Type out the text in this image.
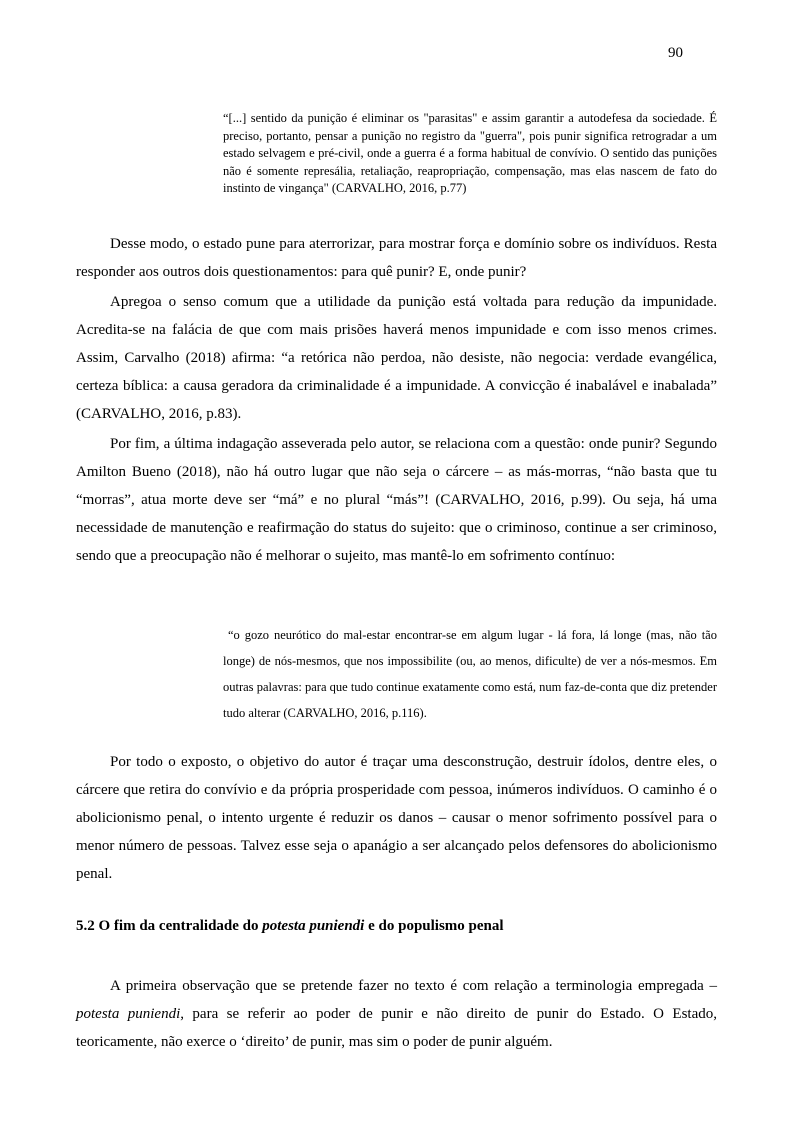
90
“[...] sentido da punição é eliminar os "parasitas" e assim garantir a autodefesa da sociedade. É preciso, portanto, pensar a punição no registro da "guerra", pois punir significa retrogradar a um estado selvagem e pré-civil, onde a guerra é a forma habitual de convívio. O sentido das punições não é somente represália, retaliação, reapropriação, compensação, mas elas nascem de fato do instinto de vingança" (CARVALHO, 2016, p.77)
Desse modo, o estado pune para aterrorizar, para mostrar força e domínio sobre os indivíduos. Resta responder aos outros dois questionamentos: para quê punir? E, onde punir?
Apregoa o senso comum que a utilidade da punição está voltada para redução da impunidade. Acredita-se na falácia de que com mais prisões haverá menos impunidade e com isso menos crimes. Assim, Carvalho (2018) afirma: “a retórica não perdoa, não desiste, não negocia: verdade evangélica, certeza bíblica: a causa geradora da criminalidade é a impunidade. A convicção é inabalável e inabalada” (CARVALHO, 2016, p.83).
Por fim, a última indagação asseverada pelo autor, se relaciona com a questão: onde punir? Segundo Amilton Bueno (2018), não há outro lugar que não seja o cárcere – as más-morras, “não basta que tu “morras”, atua morte deve ser “má” e no plural “más”! (CARVALHO, 2016, p.99). Ou seja, há uma necessidade de manutenção e reafirmação do status do sujeito: que o criminoso, continue a ser criminoso, sendo que a preocupação não é melhorar o sujeito, mas mantê-lo em sofrimento contínuo:
“o gozo neurótico do mal-estar encontrar-se em algum lugar - lá fora, lá longe (mas, não tão longe) de nós-mesmos, que nos impossibilite (ou, ao menos, dificulte) de ver a nós-mesmos. Em outras palavras: para que tudo continue exatamente como está, num faz-de-conta que diz pretender tudo alterar (CARVALHO, 2016, p.116).
Por todo o exposto, o objetivo do autor é traçar uma desconstrução, destruir ídolos, dentre eles, o cárcere que retira do convívio e da própria prosperidade com pessoa, inúmeros indivíduos. O caminho é o abolicionismo penal, o intento urgente é reduzir os danos – causar o menor sofrimento possível para o menor número de pessoas. Talvez esse seja o apanágio a ser alcançado pelos defensores do abolicionismo penal.
5.2 O fim da centralidade do potesta puniendi e do populismo penal
A primeira observação que se pretende fazer no texto é com relação a terminologia empregada – potesta puniendi, para se referir ao poder de punir e não direito de punir do Estado. O Estado, teoricamente, não exerce o ‘direito’ de punir, mas sim o poder de punir alguém.
